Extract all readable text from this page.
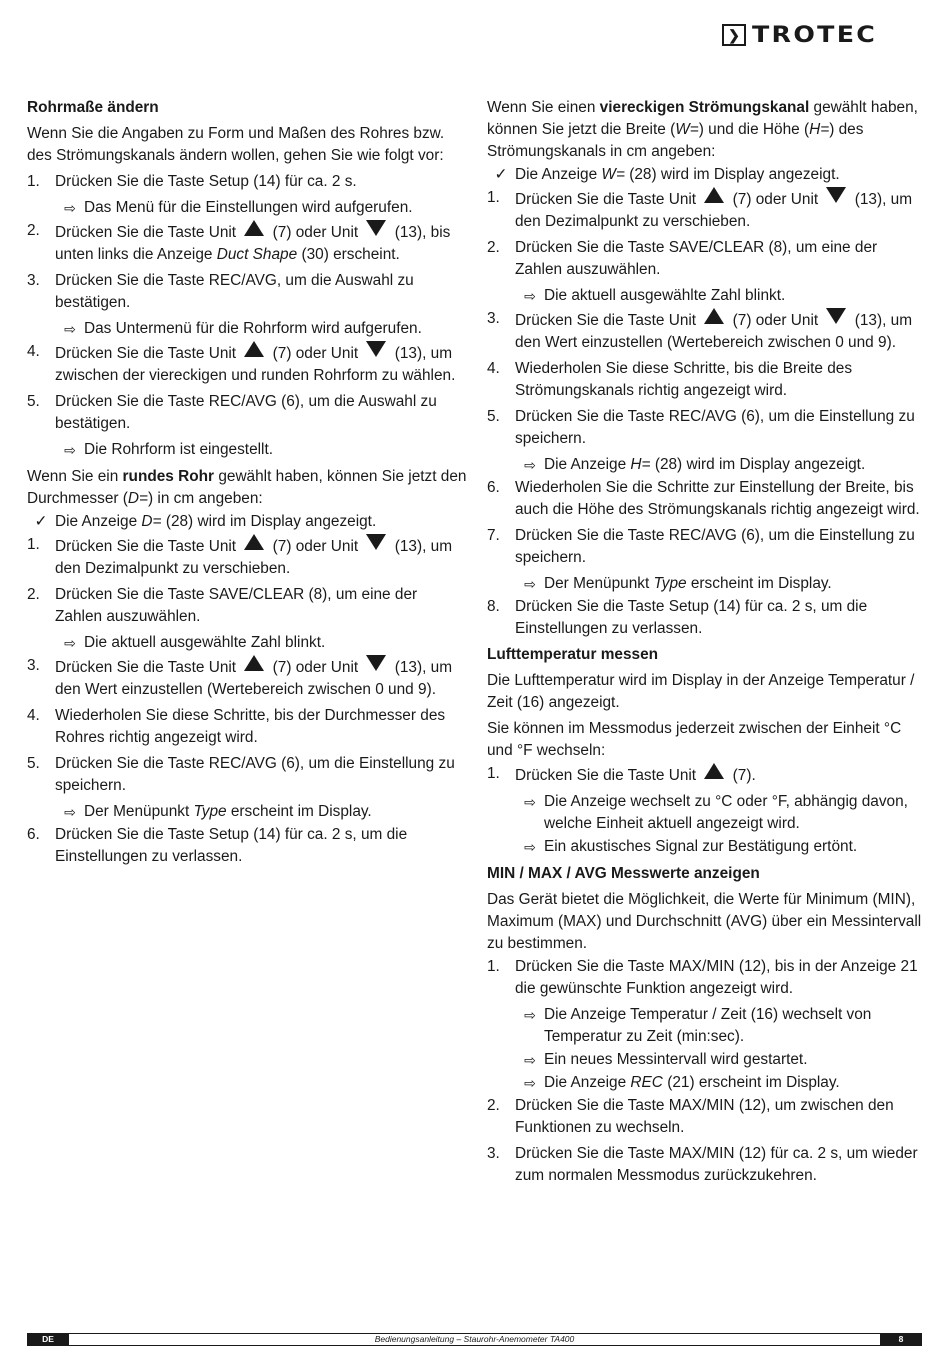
❯ TROTEC
Rohrmaße ändern

Wenn Sie die Angaben zu Form und Maßen des Rohres bzw. des Strömungskanals ändern wollen, gehen Sie wie folgt vor:

1. Drücken Sie die Taste Setup (14) für ca. 2 s.
⇨ Das Menü für die Einstellungen wird aufgerufen.
2. Drücken Sie die Taste Unit (7) oder Unit (13), bis unten links die Anzeige Duct Shape (30) erscheint.
3. Drücken Sie die Taste REC/AVG, um die Auswahl zu bestätigen.
⇨ Das Untermenü für die Rohrform wird aufgerufen.
4. Drücken Sie die Taste Unit (7) oder Unit (13), um zwischen der viereckigen und runden Rohrform zu wählen.
5. Drücken Sie die Taste REC/AVG (6), um die Auswahl zu bestätigen.
⇨ Die Rohrform ist eingestellt.

Wenn Sie ein rundes Rohr gewählt haben, können Sie jetzt den Durchmesser (D=) in cm angeben:

✓ Die Anzeige D= (28) wird im Display angezeigt.
1. Drücken Sie die Taste Unit (7) oder Unit (13), um den Dezimalpunkt zu verschieben.
2. Drücken Sie die Taste SAVE/CLEAR (8), um eine der Zahlen auszuwählen.
⇨ Die aktuell ausgewählte Zahl blinkt.
3. Drücken Sie die Taste Unit (7) oder Unit (13), um den Wert einzustellen (Wertebereich zwischen 0 und 9).
4. Wiederholen Sie diese Schritte, bis der Durchmesser des Rohres richtig angezeigt wird.
5. Drücken Sie die Taste REC/AVG (6), um die Einstellung zu speichern.
⇨ Der Menüpunkt Type erscheint im Display.
6. Drücken Sie die Taste Setup (14) für ca. 2 s, um die Einstellungen zu verlassen.

Wenn Sie einen viereckigen Strömungskanal gewählt haben, können Sie jetzt die Breite (W=) und die Höhe (H=) des Strömungskanals in cm angeben:

✓ Die Anzeige W= (28) wird im Display angezeigt.
1. Drücken Sie die Taste Unit (7) oder Unit (13), um den Dezimalpunkt zu verschieben.
2. Drücken Sie die Taste SAVE/CLEAR (8), um eine der Zahlen auszuwählen.
⇨ Die aktuell ausgewählte Zahl blinkt.
3. Drücken Sie die Taste Unit (7) oder Unit (13), um den Wert einzustellen (Wertebereich zwischen 0 und 9).
4. Wiederholen Sie diese Schritte, bis die Breite des Strömungskanals richtig angezeigt wird.
5. Drücken Sie die Taste REC/AVG (6), um die Einstellung zu speichern.
⇨ Die Anzeige H= (28) wird im Display angezeigt.
6. Wiederholen Sie die Schritte zur Einstellung der Breite, bis auch die Höhe des Strömungskanals richtig angezeigt wird.
7. Drücken Sie die Taste REC/AVG (6), um die Einstellung zu speichern.
⇨ Der Menüpunkt Type erscheint im Display.
8. Drücken Sie die Taste Setup (14) für ca. 2 s, um die Einstellungen zu verlassen.
Lufttemperatur messen

Die Lufttemperatur wird im Display in der Anzeige Temperatur / Zeit (16) angezeigt.

Sie können im Messmodus jederzeit zwischen der Einheit °C und °F wechseln:

1. Drücken Sie die Taste Unit (7).
⇨ Die Anzeige wechselt zu °C oder °F, abhängig davon, welche Einheit aktuell angezeigt wird.
⇨ Ein akustisches Signal zur Bestätigung ertönt.
MIN / MAX / AVG Messwerte anzeigen

Das Gerät bietet die Möglichkeit, die Werte für Minimum (MIN), Maximum (MAX) und Durchschnitt (AVG) über ein Messintervall zu bestimmen.

1. Drücken Sie die Taste MAX/MIN (12), bis in der Anzeige 21 die gewünschte Funktion angezeigt wird.
⇨ Die Anzeige Temperatur / Zeit (16) wechselt von Temperatur zu Zeit (min:sec).
⇨ Ein neues Messintervall wird gestartet.
⇨ Die Anzeige REC (21) erscheint im Display.
2. Drücken Sie die Taste MAX/MIN (12), um zwischen den Funktionen zu wechseln.
3. Drücken Sie die Taste MAX/MIN (12) für ca. 2 s, um wieder zum normalen Messmodus zurückzukehren.
Bedienungsanleitung – Staurohr-Anemometer TA400
DE	8
